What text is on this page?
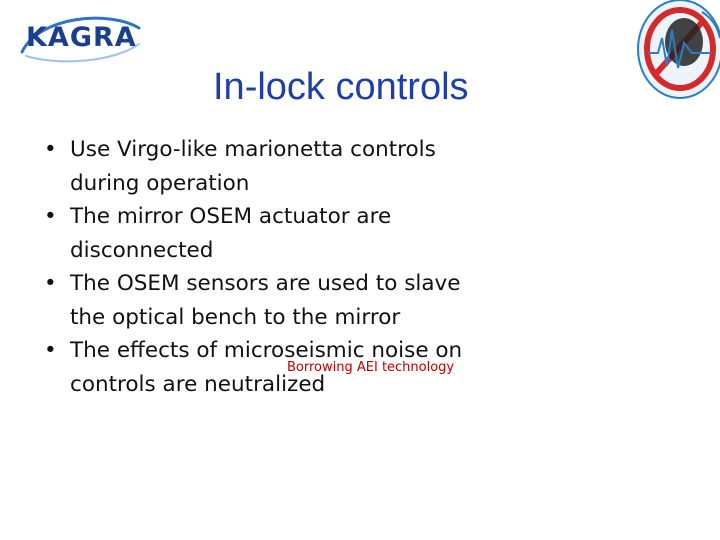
KAGRA
In-lock controls
• Use Virgo-like marionetta controls during operation
• The mirror OSEM actuator are disconnected
• The OSEM sensors are used to slave the optical bench to the mirror
• The effects of microseismic noise on controls are neutralized
Borrowing AEI technology
